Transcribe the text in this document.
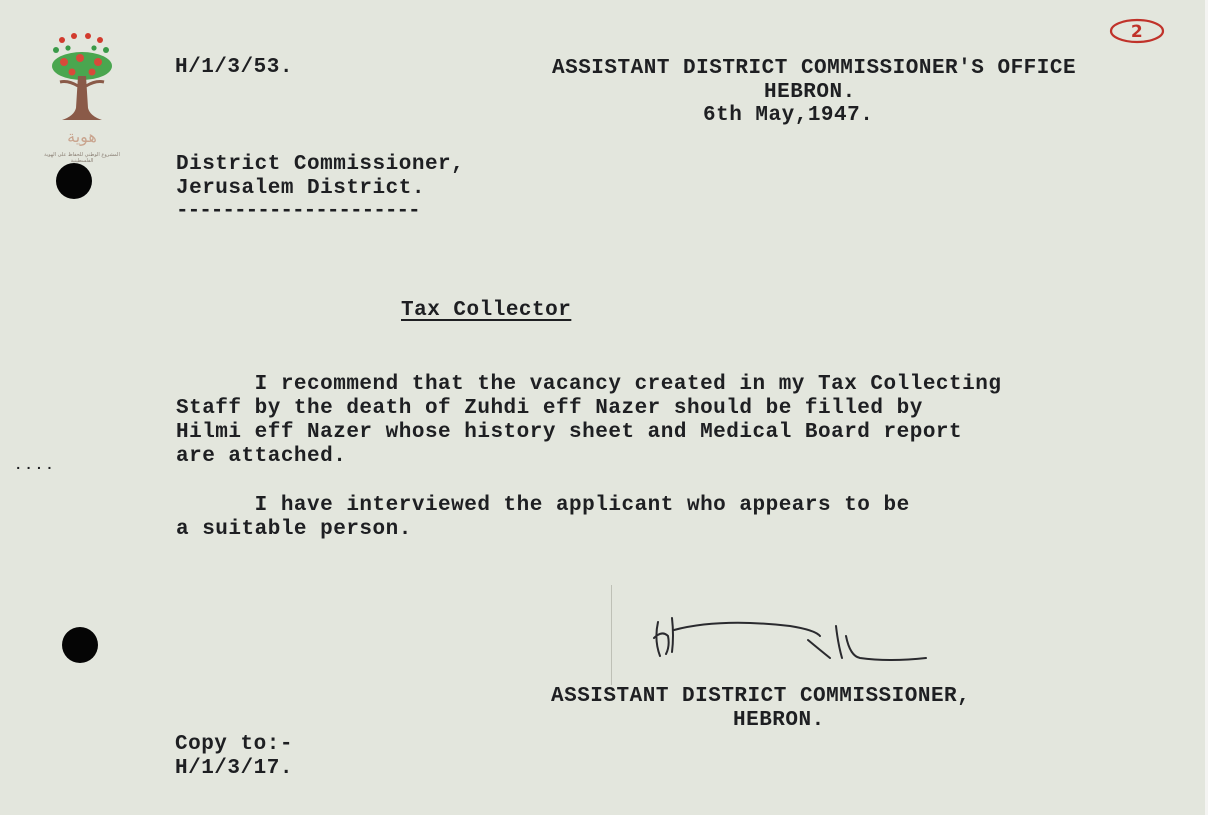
هوية
المشروع الوطني للحفاظ على الهوية الفلسطينية
2
H/1/3/53.	ASSISTANT DISTRICT COMMISSIONER'S OFFICE
HEBRON.
6th May,1947.
District Commissioner,
Jerusalem District.
---------------------
Tax Collector
I recommend that the vacancy created in my Tax Collecting
Staff by the death of Zuhdi eff Nazer should be filled by
Hilmi eff Nazer whose history sheet and Medical Board report
are attached.
....
I have interviewed the applicant who appears to be
a suitable person.
ASSISTANT DISTRICT COMMISSIONER,
HEBRON.
Copy to:-
H/1/3/17.
